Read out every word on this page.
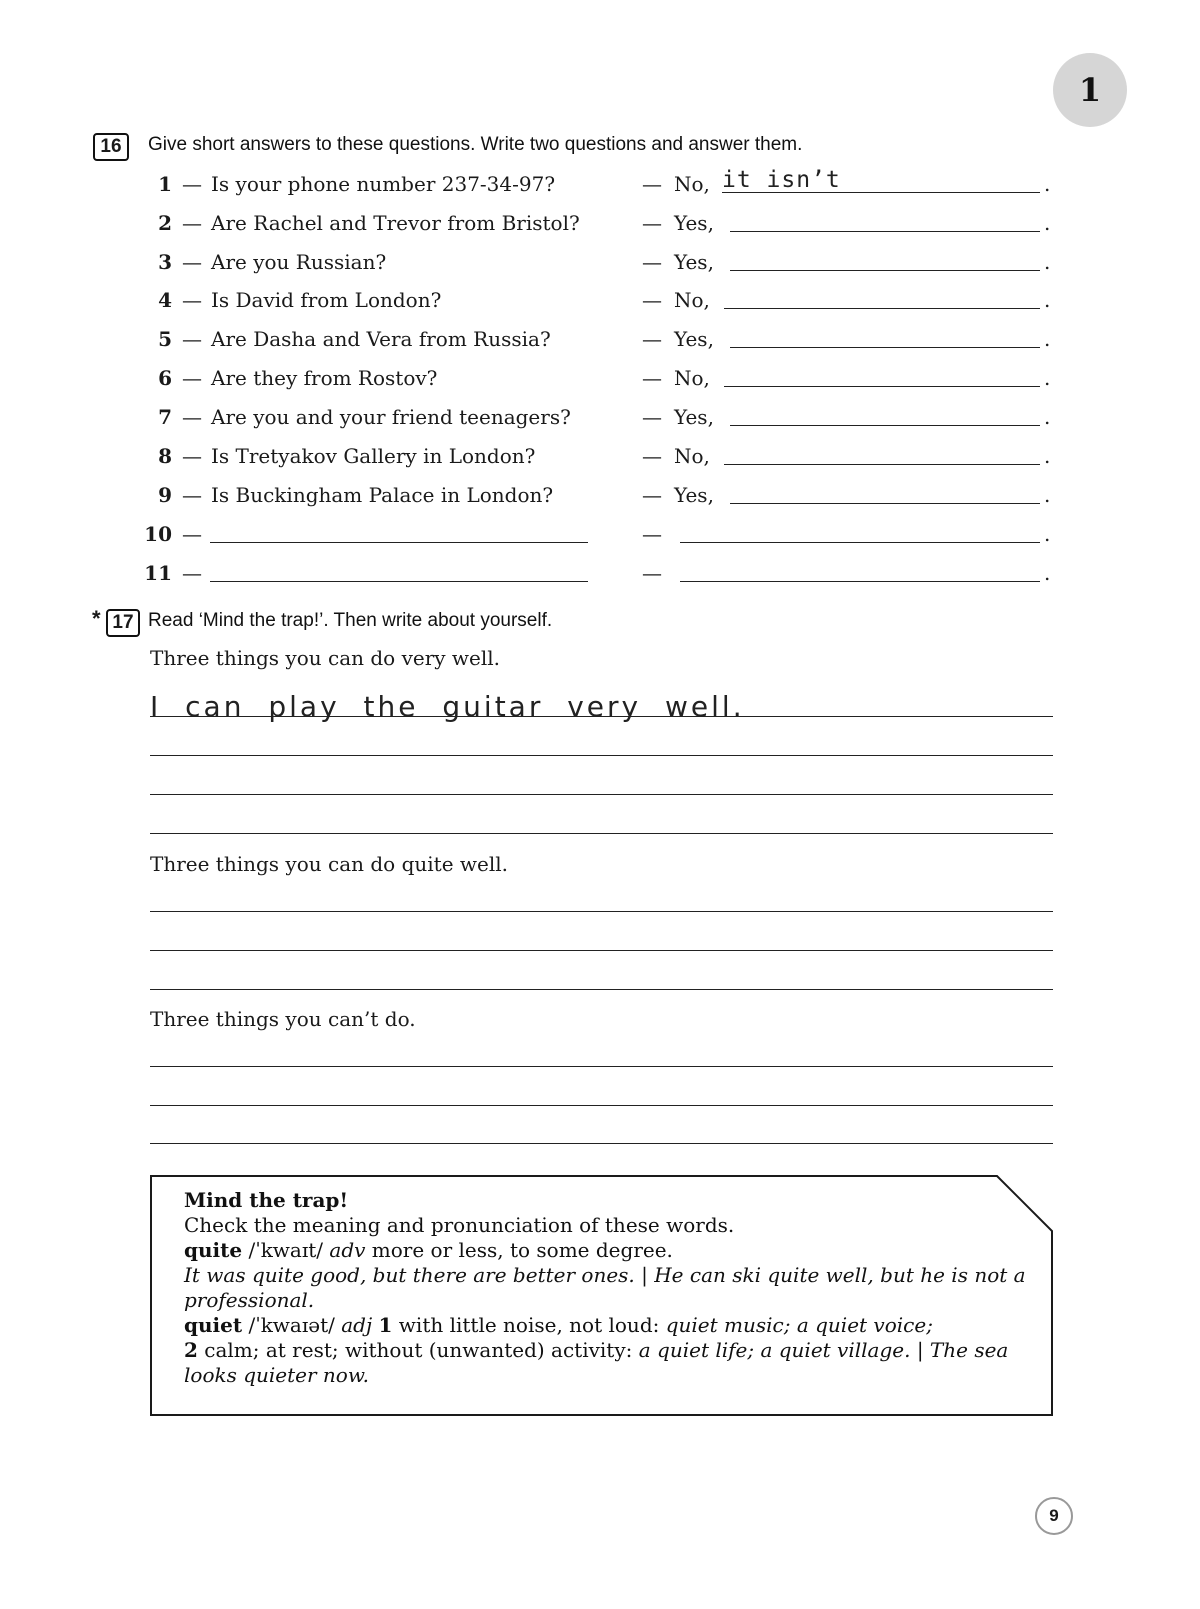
1
16	Give short answers to these questions. Write two questions and answer them.
1 — Is your phone number 237-34-97?	— No, it isn’t	.
2 — Are Rachel and Trevor from Bristol?	— Yes,	.
3 — Are you Russian?	— Yes,	.
4 — Is David from London?	— No,	.
5 — Are Dasha and Vera from Russia?	— Yes,	.
6 — Are they from Rostov?	— No,	.
7 — Are you and your friend teenagers?	— Yes,	.
8 — Is Tretyakov Gallery in London?	— No,	.
9 — Is Buckingham Palace in London?	— Yes,	.
10 —	—	.
11 —	—	.
* 17 Read ‘Mind the trap!’. Then write about yourself.
Three things you can do very well.
I can play the guitar very well.
Three things you can do quite well.
Three things you can’t do.

Mind the trap!

Check the meaning and pronunciation of these words.

quite /ˈkwaɪt/ adv more or less, to some degree.

It was quite good, but there are better ones. | He can ski quite well, but he is not a professional.

quiet /ˈkwaɪət/ adj 1 with little noise, not loud: quiet music; a quiet voice;
2 calm; at rest; without (unwanted) activity: a quiet life; a quiet village. | The sea looks quieter now.

9
